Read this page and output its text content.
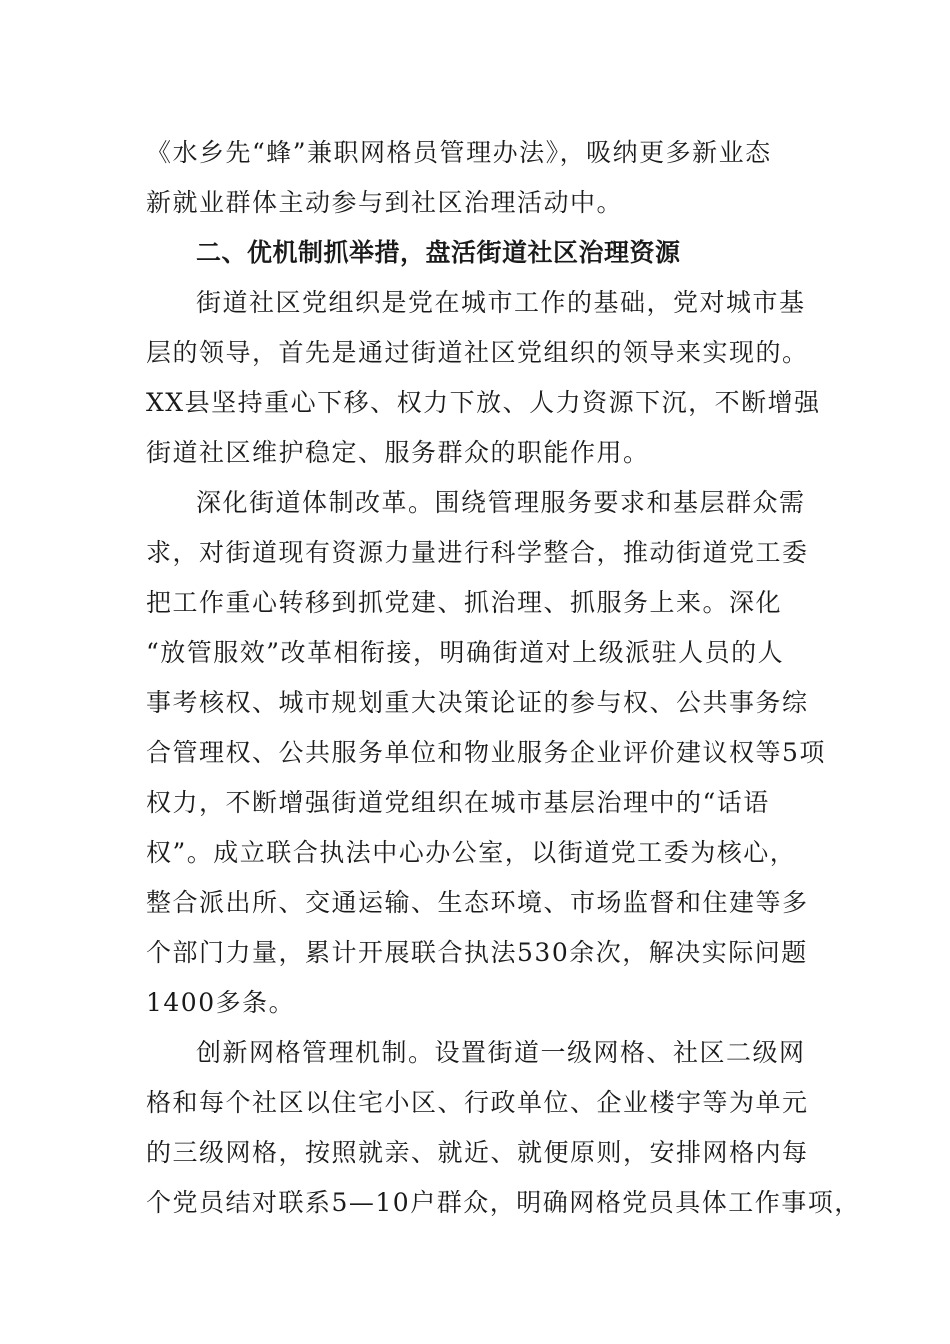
《水乡先“蜂”兼职网格员管理办法》，吸纳更多新业态
新就业群体主动参与到社区治理活动中。
二、优机制抓举措，盘活街道社区治理资源
街道社区党组织是党在城市工作的基础，党对城市基
层的领导，首先是通过街道社区党组织的领导来实现的。
XX县坚持重心下移、权力下放、人力资源下沉，不断增强
街道社区维护稳定、服务群众的职能作用。
深化街道体制改革。围绕管理服务要求和基层群众需
求，对街道现有资源力量进行科学整合，推动街道党工委
把工作重心转移到抓党建、抓治理、抓服务上来。深化
“放管服效”改革相衔接，明确街道对上级派驻人员的人
事考核权、城市规划重大决策论证的参与权、公共事务综
合管理权、公共服务单位和物业服务企业评价建议权等5项
权力，不断增强街道党组织在城市基层治理中的“话语
权”。成立联合执法中心办公室，以街道党工委为核心，
整合派出所、交通运输、生态环境、市场监督和住建等多
个部门力量，累计开展联合执法530余次，解决实际问题
1400多条。
创新网格管理机制。设置街道一级网格、社区二级网
格和每个社区以住宅小区、行政单位、企业楼宇等为单元
的三级网格，按照就亲、就近、就便原则，安排网格内每
个党员结对联系5—10户群众，明确网格党员具体工作事项，
